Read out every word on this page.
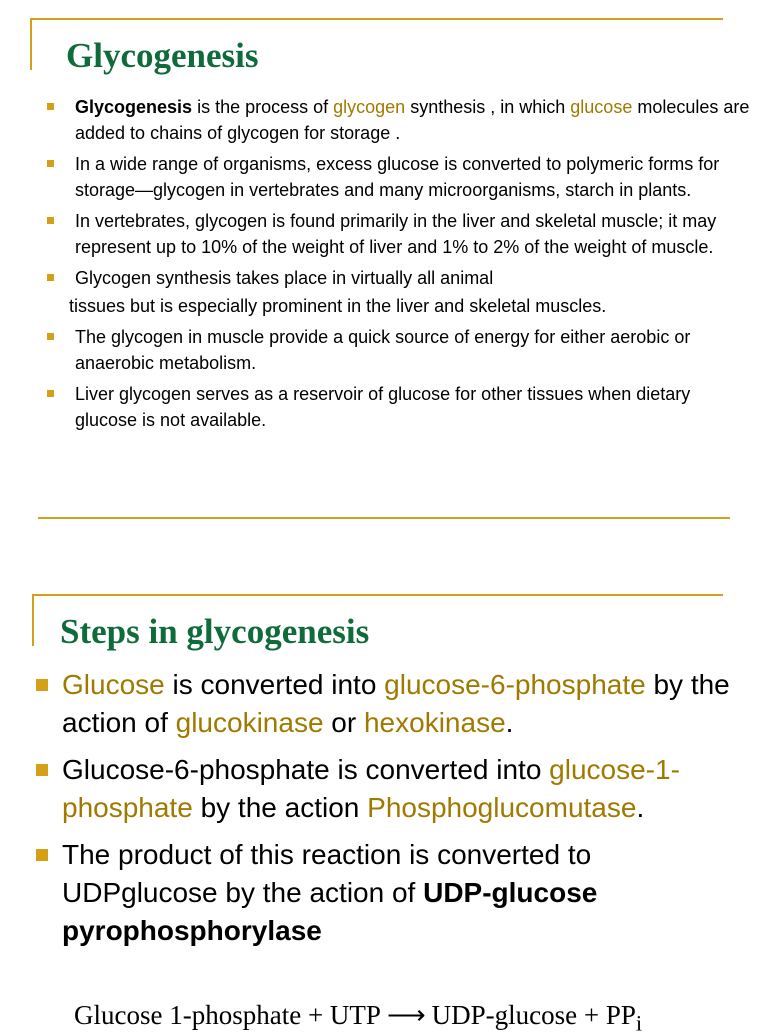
Glycogenesis
Glycogenesis is the process of glycogen synthesis , in which glucose molecules are added to chains of glycogen for storage .
In a wide range of organisms, excess glucose is converted to polymeric forms for storage—glycogen in vertebrates and many microorganisms, starch in plants.
In vertebrates, glycogen is found primarily in the liver and skeletal muscle; it may represent up to 10% of the weight of liver and 1% to 2% of the weight of muscle.
Glycogen synthesis takes place in virtually all animal
tissues but is especially prominent in the liver and skeletal muscles.
The glycogen in muscle provide a quick source of energy for either aerobic or anaerobic metabolism.
Liver glycogen serves as a reservoir of glucose for other tissues when dietary glucose is not available.
Steps in glycogenesis
Glucose is converted into glucose-6-phosphate by the action of glucokinase or hexokinase.
Glucose-6-phosphate is converted into glucose-1-phosphate by the action Phosphoglucomutase.
The product of this reaction is converted to UDPglucose by the action of UDP-glucose pyrophosphorylase
Glucose 1-phosphate + UTP ⟶ $UDP-glucose + PP_i$
